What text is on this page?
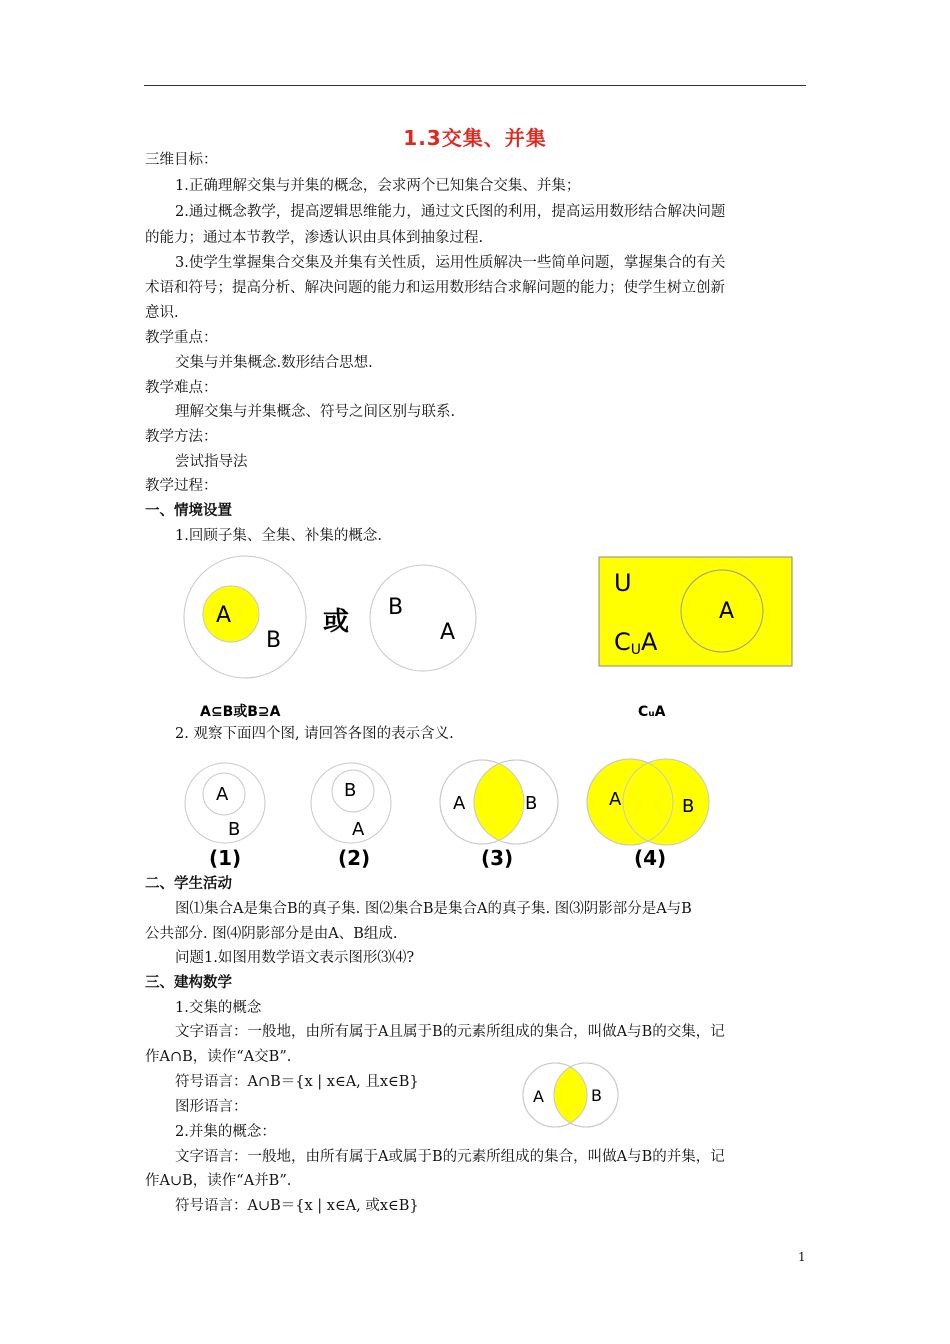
1.3交集、并集
三维目标：
1.正确理解交集与并集的概念，会求两个已知集合交集、并集；
2.通过概念教学，提高逻辑思维能力，通过文氏图的利用，提高运用数形结合解决问题
的能力；通过本节教学，渗透认识由具体到抽象过程.
3.使学生掌握集合交集及并集有关性质，运用性质解决一些简单问题，掌握集合的有关
术语和符号；提高分析、解决问题的能力和运用数形结合求解问题的能力；使学生树立创新
意识.
教学重点：
交集与并集概念.数形结合思想.
教学难点：
理解交集与并集概念、符号之间区别与联系.
教学方法：
尝试指导法
教学过程：
一、情境设置
1.回顾子集、全集、补集的概念.
A
B
或 B
A
U
A
CUA
A⊆B或B⊇A	CᵤA
2. 观察下面四个图, 请回答各图的表示含义.
A
B
B
A
A	B	A	B
(1)	(2)	(3)	(4)
二、学生活动
图⑴集合A是集合B的真子集. 图⑵集合B是集合A的真子集. 图⑶阴影部分是A与B
公共部分. 图⑷阴影部分是由A、B组成.
问题1.如图用数学语文表示图形⑶⑷?
三、建构数学
1.交集的概念
文字语言：一般地，由所有属于A且属于B的元素所组成的集合，叫做A与B的交集，记
作A∩B，读作“A交B”.
符号语言：A∩B＝{x | x∈A, 且x∈B}
图形语言：
2.并集的概念：
文字语言：一般地，由所有属于A或属于B的元素所组成的集合，叫做A与B的并集，记
作A∪B，读作“A并B”.
符号语言：A∪B＝{x | x∈A, 或x∈B}
A	B
1
